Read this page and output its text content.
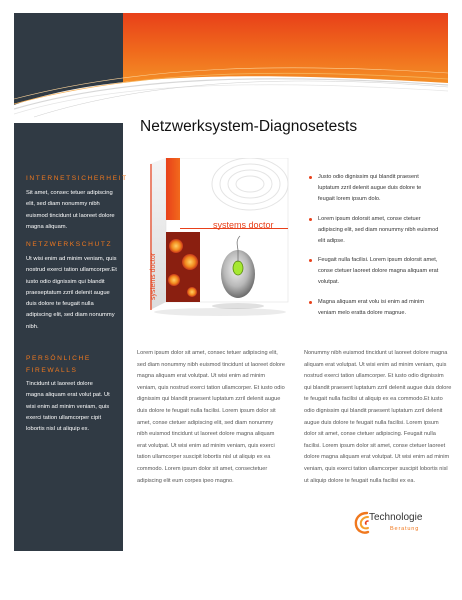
Netzwerksystem-Diagnosetests
INTERNETSICHERHEIT
Sit amet, consec tetuer adipiscing elit, sed diam nonummy nibh euismod tincidunt ut laoreet dolore magna aliquam.
NETZWERKSCHUTZ
Ut wisi enim ad minim veniam, quis nostrud exerci tation ullamcorper.Et iusto odio dignissim qui blandit praeseptatum zzril delenit augue duis dolore te feugait nulla adipiscing elit, sed diam nonummy nibh.
PERSÖNLICHE FIREWALLS
Tincidunt ut laoreet dolore magna aliquam erat volut pat. Ut wisi enim ad minim veniam, quis exerci tation ullamcorper cipit lobortis nisl ut aliquip ex.
systems doctor
systems doctor
Justo odio dignissim qui blandit praesent luptatum zzril delenit augue duis dolore te feugait lorem ipsum dolo.
Lorem ipsum dolorsit amet, conse ctetuer adipiscing elit, sed diam nonummy nibh euismod elit adipse.
Feugait nulla facilisi. Lorem ipsum dolorsit amet, conse ctetuer laoreet dolore magna aliquam erat volutpat.
Magna aliquam erat volu isi enim ad minim veniam melo eratta dolore magnue.
Lorem ipsum dolor sit amet, consec tetuer adipiscing elit, sed diam nonummy nibh euismod tincidunt ut laoreet dolore magna aliquam erat volutpat. Ut wisi enim ad minim veniam, quis nostrud exerci tation ullamcorper. Et iusto odio dignissim qui blandit praesent luptatum zzril delenit augue duis dolore te feugait nulla facilisi. Lorem ipsum dolor sit amet, conse ctetuer adipiscing elit, sed diam nonummy nibh euismod tincidunt ut laoreet dolore magna aliquam erat volutpat. Ut wisi enim ad minim veniam, quis exerci tation ullamcorper suscipit lobortis nisl ut aliquip ex ea commodo. Lorem ipsum dolor sit amet, consectetuer adipiscing elit eum corpes ipeo magno.
Nonummy nibh euismod tincidunt ut laoreet dolore magna aliquam erat volutpat. Ut wisi enim ad minim veniam, quis nostrud exerci tation ullamcorper. Et iusto odio dignissim qui blandit praesent luptatum zzril delenit augue duis dolore te feugait nulla facilisi ut aliquip ex ea commodo.Et iusto odio dignissim qui blandit praesent luptatum zzril delenit augue duis dolore te feugait nulla facilisi. Lorem ipsum dolor sit amet, conse ctetuer adipiscing. Feugait nulla facilisi. Lorem ipsum dolor sit amet, conse ctetuer laoreet dolore magna aliquam erat volutpat. Ut wisi enim ad minim veniam, quis exerci tation ullamcorper suscipit lobortis nisl ut aliquip dolore te feugait nulla facilisi ex ea.
Technologie
Beratung
